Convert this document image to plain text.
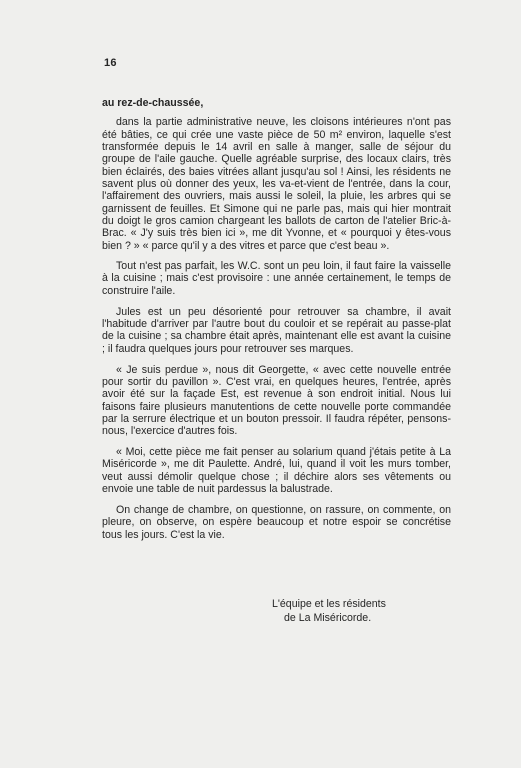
16
au rez-de-chaussée,

dans la partie administrative neuve, les cloisons intérieures n'ont pas été bâties, ce qui crée une vaste pièce de 50 m² environ, laquelle s'est transformée depuis le 14 avril en salle à manger, salle de séjour du groupe de l'aile gauche. Quelle agréable surprise, des locaux clairs, très bien éclairés, des baies vitrées allant jusqu'au sol ! Ainsi, les résidents ne savent plus où donner des yeux, les va-et-vient de l'entrée, dans la cour, l'affairement des ouvriers, mais aussi le soleil, la pluie, les arbres qui se garnissent de feuilles. Et Simone qui ne parle pas, mais qui hier montrait du doigt le gros camion chargeant les ballots de carton de l'atelier Bric-à-Brac. « J'y suis très bien ici », me dit Yvonne, et « pourquoi y êtes-vous bien ? » « parce qu'il y a des vitres et parce que c'est beau ».

Tout n'est pas parfait, les W.C. sont un peu loin, il faut faire la vaisselle à la cuisine ; mais c'est provisoire : une année certainement, le temps de construire l'aile.

Jules est un peu désorienté pour retrouver sa chambre, il avait l'habitude d'arriver par l'autre bout du couloir et se repérait au passe-plat de la cuisine ; sa chambre était après, maintenant elle est avant la cuisine ; il faudra quelques jours pour retrouver ses marques.

« Je suis perdue », nous dit Georgette, « avec cette nouvelle entrée pour sortir du pavillon ». C'est vrai, en quelques heures, l'entrée, après avoir été sur la façade Est, est revenue à son endroit initial. Nous lui faisons faire plusieurs manutentions de cette nouvelle porte commandée par la serrure électrique et un bouton pressoir. Il faudra répéter, pensons-nous, l'exercice d'autres fois.

« Moi, cette pièce me fait penser au solarium quand j'étais petite à La Miséricorde », me dit Paulette. André, lui, quand il voit les murs tomber, veut aussi démolir quelque chose ; il déchire alors ses vêtements ou envoie une table de nuit pardessus la balustrade.

On change de chambre, on questionne, on rassure, on commente, on pleure, on observe, on espère beaucoup et notre espoir se concrétise tous les jours. C'est la vie.

L'équipe et les résidents
de La Miséricorde.
